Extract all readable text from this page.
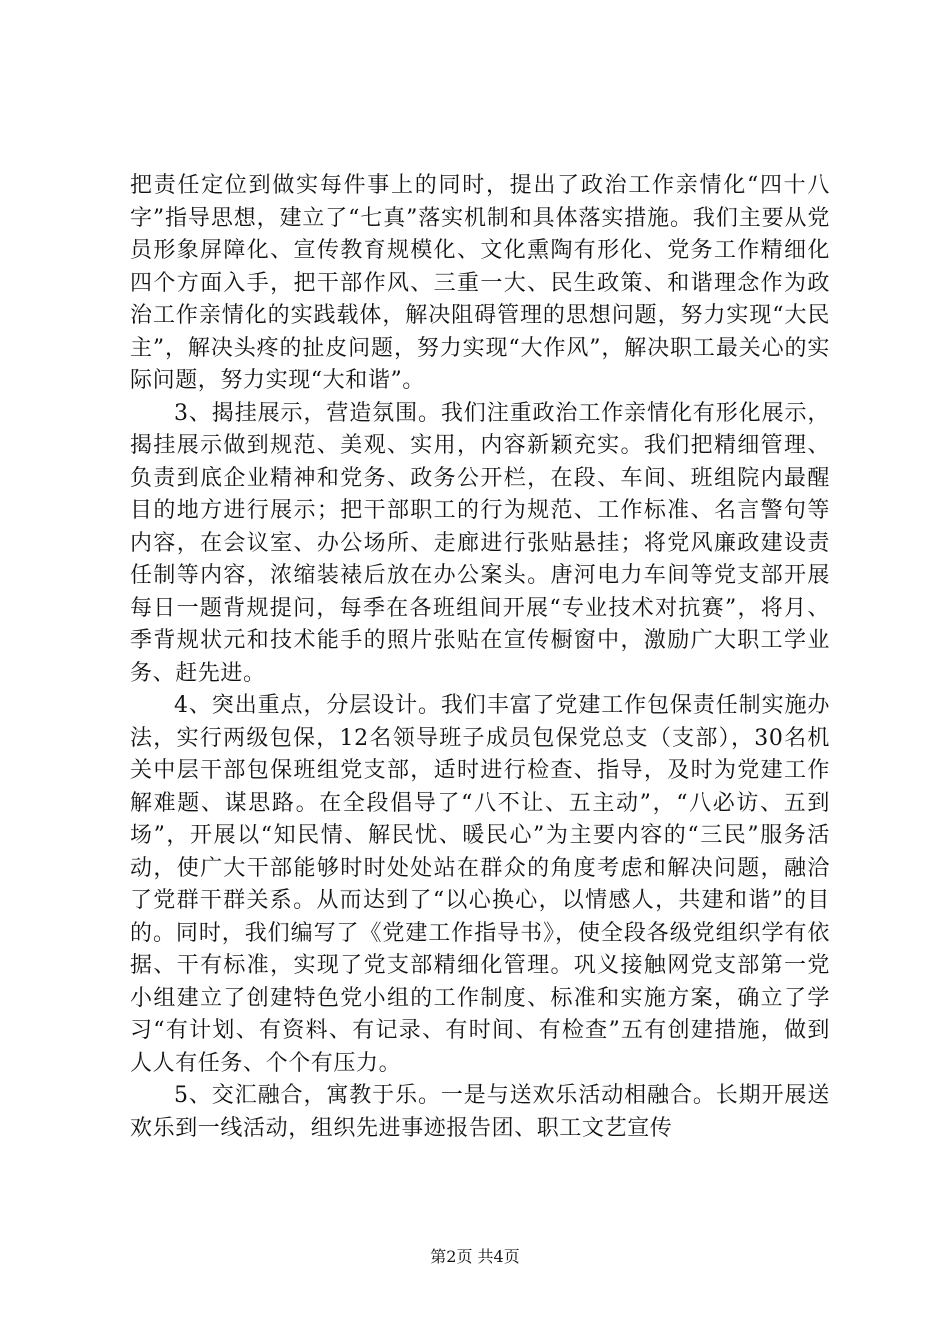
把责任定位到做实每件事上的同时，提出了政治工作亲情化“四十八字”指导思想，建立了“七真”落实机制和具体落实措施。我们主要从党员形象屏障化、宣传教育规模化、文化熏陶有形化、党务工作精细化四个方面入手，把干部作风、三重一大、民生政策、和谐理念作为政治工作亲情化的实践载体，解决阻碍管理的思想问题，努力实现“大民主”，解决头疼的扯皮问题，努力实现“大作风”，解决职工最关心的实际问题，努力实现“大和谐”。

3、揭挂展示，营造氛围。我们注重政治工作亲情化有形化展示，揭挂展示做到规范、美观、实用，内容新颖充实。我们把精细管理、负责到底企业精神和党务、政务公开栏，在段、车间、班组院内最醒目的地方进行展示；把干部职工的行为规范、工作标准、名言警句等内容，在会议室、办公场所、走廊进行张贴悬挂；将党风廉政建设责任制等内容，浓缩装裱后放在办公案头。唐河电力车间等党支部开展每日一题背规提问，每季在各班组间开展“专业技术对抗赛”，将月、季背规状元和技术能手的照片张贴在宣传橱窗中，激励广大职工学业务、赶先进。

4、突出重点，分层设计。我们丰富了党建工作包保责任制实施办法，实行两级包保，12名领导班子成员包保党总支（支部），30名机关中层干部包保班组党支部，适时进行检查、指导，及时为党建工作解难题、谋思路。在全段倡导了“八不让、五主动”，“八必访、五到场”，开展以“知民情、解民忧、暖民心”为主要内容的“三民”服务活动，使广大干部能够时时处处站在群众的角度考虑和解决问题，融洽了党群干群关系。从而达到了“以心换心，以情感人，共建和谐”的目的。同时，我们编写了《党建工作指导书》，使全段各级党组织学有依据、干有标准，实现了党支部精细化管理。巩义接触网党支部第一党小组建立了创建特色党小组的工作制度、标准和实施方案，确立了学习“有计划、有资料、有记录、有时间、有检查”五有创建措施，做到人人有任务、个个有压力。

5、交汇融合，寓教于乐。一是与送欢乐活动相融合。长期开展送欢乐到一线活动，组织先进事迹报告团、职工文艺宣传

第2页 共4页
